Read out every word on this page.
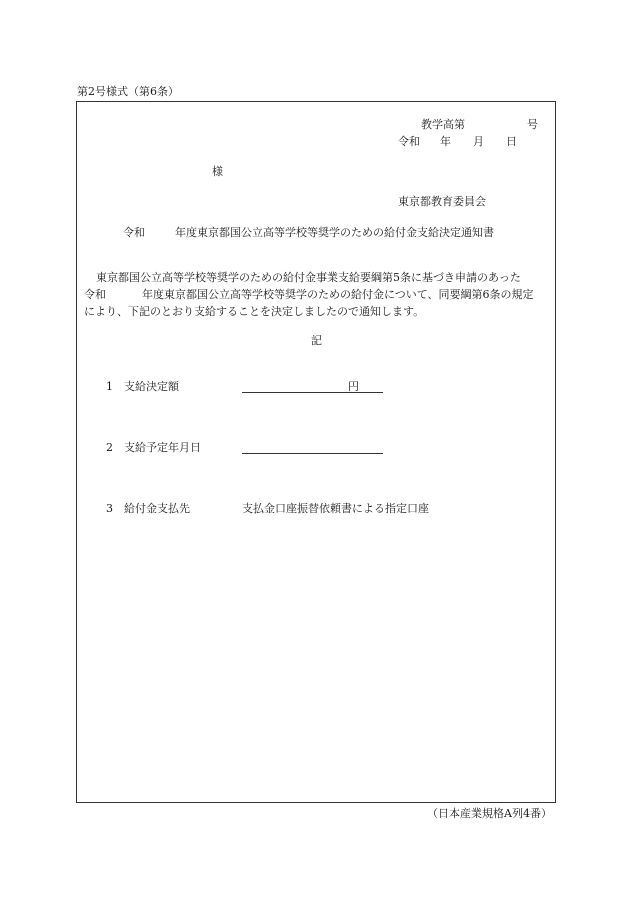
第2号様式（第6条）
教学高第	号
令和 年 月 日
様
東京都教育委員会
令和	年度東京都国公立高等学校等奨学のための給付金支給決定通知書
東京都国公立高等学校等奨学のための給付金事業支給要綱第5条に基づき申請のあった
令和	年度東京都国公立高等学校等奨学のための給付金について、同要綱第6条の規定
により、下記のとおり支給することを決定しましたので通知します。
記
1 支給決定額	円
2 支給予定年月日
3 給付金支払先	支払金口座振替依頼書による指定口座
（日本産業規格A列4番）
